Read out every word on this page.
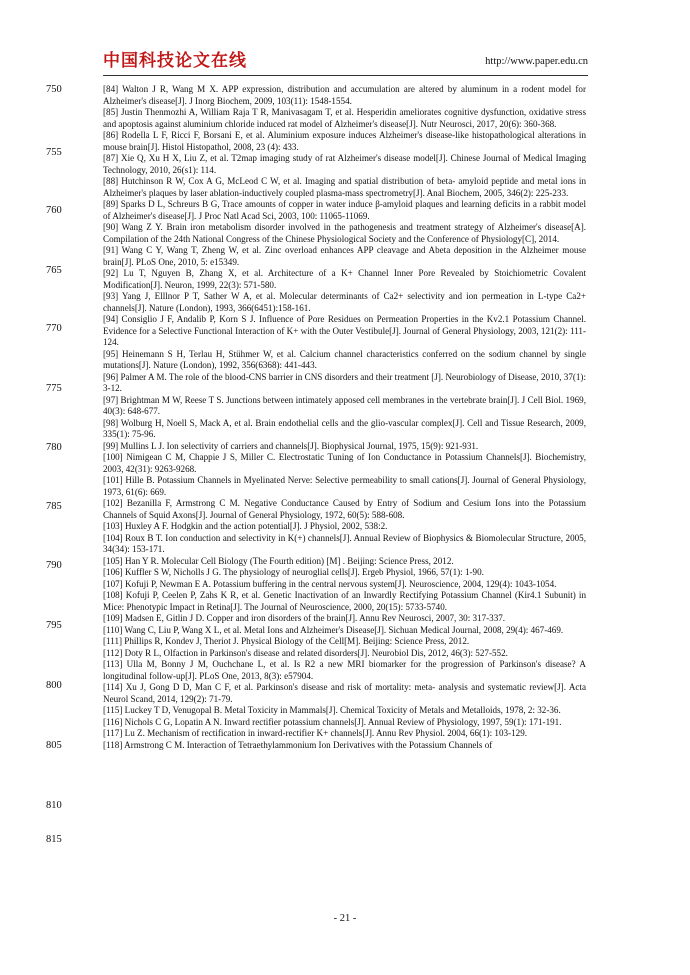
中国科技论文在线	http://www.paper.edu.cn
750
755
760
765
770
775
780
785
790
795
800
805
810
815

[84] Walton J R, Wang M X. APP expression, distribution and accumulation are altered by aluminum in a rodent model for Alzheimer's disease[J]. J Inorg Biochem, 2009, 103(11): 1548-1554.

[85] Justin Thenmozhi A, William Raja T R, Manivasagam T, et al. Hesperidin ameliorates cognitive dysfunction, oxidative stress and apoptosis against aluminium chloride induced rat model of Alzheimer's disease[J]. Nutr Neurosci, 2017, 20(6): 360-368.

[86] Rodella L F, Ricci F, Borsani E, et al. Aluminium exposure induces Alzheimer's disease-like histopathological alterations in mouse brain[J]. Histol Histopathol, 2008, 23 (4): 433.

[87] Xie Q, Xu H X, Liu Z, et al. T2map imaging study of rat Alzheimer's disease model[J]. Chinese Journal of Medical Imaging Technology, 2010, 26(s1): 114.

[88] Hutchinson R W, Cox A G, McLeod C W, et al. Imaging and spatial distribution of beta- amyloid peptide and metal ions in Alzheimer's plaques by laser ablation-inductively coupled plasma-mass spectrometry[J]. Anal Biochem, 2005, 346(2): 225-233.

[89] Sparks D L, Schreurs B G, Trace amounts of copper in water induce β-amyloid plaques and learning deficits in a rabbit model of Alzheimer's disease[J]. J Proc Natl Acad Sci, 2003, 100: 11065-11069.

[90] Wang Z Y. Brain iron metabolism disorder involved in the pathogenesis and treatment strategy of Alzheimer's disease[A]. Compilation of the 24th National Congress of the Chinese Physiological Society and the Conference of Physiology[C], 2014.

[91] Wang C Y, Wang T, Zheng W, et al. Zinc overload enhances APP cleavage and Abeta deposition in the Alzheimer mouse brain[J]. PLoS One, 2010, 5: e15349.

[92] Lu T, Nguyen B, Zhang X, et al. Architecture of a K+ Channel Inner Pore Revealed by Stoichiometric Covalent Modification[J]. Neuron, 1999, 22(3): 571-580.

[93] Yang J, Elllnor P T, Sather W A, et al. Molecular determinants of Ca2+ selectivity and ion permeation in L-type Ca2+ channels[J]. Nature (London), 1993, 366(6451):158-161.

[94] Consiglio J F, Andalib P, Korn S J. Influence of Pore Residues on Permeation Properties in the Kv2.1 Potassium Channel. Evidence for a Selective Functional Interaction of K+ with the Outer Vestibule[J]. Journal of General Physiology, 2003, 121(2): 111-124.

[95] Heinemann S H, Terlau H, Stühmer W, et al. Calcium channel characteristics conferred on the sodium channel by single mutations[J]. Nature (London), 1992, 356(6368): 441-443.

[96] Palmer A M. The role of the blood-CNS barrier in CNS disorders and their treatment [J]. Neurobiology of Disease, 2010, 37(1): 3-12.

[97] Brightman M W, Reese T S. Junctions between intimately apposed cell membranes in the vertebrate brain[J]. J Cell Biol. 1969, 40(3): 648-677.

[98] Wolburg H, Noell S, Mack A, et al. Brain endothelial cells and the glio-vascular complex[J]. Cell and Tissue Research, 2009, 335(1): 75-96.

[99] Mullins L J. Ion selectivity of carriers and channels[J]. Biophysical Journal, 1975, 15(9): 921-931.

[100] Nimigean C M, Chappie J S, Miller C. Electrostatic Tuning of Ion Conductance in Potassium Channels[J]. Biochemistry, 2003, 42(31): 9263-9268.

[101] Hille B. Potassium Channels in Myelinated Nerve: Selective permeability to small cations[J]. Journal of General Physiology, 1973, 61(6): 669.

[102] Bezanilla F, Armstrong C M. Negative Conductance Caused by Entry of Sodium and Cesium Ions into the Potassium Channels of Squid Axons[J]. Journal of General Physiology, 1972, 60(5): 588-608.

[103] Huxley A F. Hodgkin and the action potential[J]. J Physiol, 2002, 538:2.

[104] Roux B T. Ion conduction and selectivity in K(+) channels[J]. Annual Review of Biophysics & Biomolecular Structure, 2005, 34(34): 153-171.

[105] Han Y R. Molecular Cell Biology (The Fourth edition) [M] . Beijing: Science Press, 2012.

[106] Kuffler S W, Nicholls J G. The physiology of neuroglial cells[J]. Ergeb Physiol, 1966, 57(1): 1-90.

[107] Kofuji P, Newman E A. Potassium buffering in the central nervous system[J]. Neuroscience, 2004, 129(4): 1043-1054.

[108] Kofuji P, Ceelen P, Zahs K R, et al. Genetic Inactivation of an Inwardly Rectifying Potassium Channel (Kir4.1 Subunit) in Mice: Phenotypic Impact in Retina[J]. The Journal of Neuroscience, 2000, 20(15): 5733-5740.

[109] Madsen E, Gitlin J D. Copper and iron disorders of the brain[J]. Annu Rev Neurosci, 2007, 30: 317-337.

[110] Wang C, Liu P, Wang X L, et al. Metal Ions and Alzheimer's Disease[J]. Sichuan Medical Journal, 2008, 29(4): 467-469.

[111] Phillips R, Kondev J, Theriot J. Physical Biology of the Cell[M]. Beijing: Science Press, 2012.

[112] Doty R L, Olfaction in Parkinson's disease and related disorders[J]. Neurobiol Dis, 2012, 46(3): 527-552.

[113] Ulla M, Bonny J M, Ouchchane L, et al. Is R2 a new MRI biomarker for the progression of Parkinson's disease? A longitudinal follow-up[J]. PLoS One, 2013, 8(3): e57904.

[114] Xu J, Gong D D, Man C F, et al. Parkinson's disease and risk of mortality: meta- analysis and systematic review[J]. Acta Neurol Scand, 2014, 129(2): 71-79.

[115] Luckey T D, Venugopal B. Metal Toxicity in Mammals[J]. Chemical Toxicity of Metals and Metalloids, 1978, 2: 32-36.

[116] Nichols C G, Lopatin A N. Inward rectifier potassium channels[J]. Annual Review of Physiology, 1997, 59(1): 171-191.

[117] Lu Z. Mechanism of rectification in inward-rectifier K+ channels[J]. Annu Rev Physiol. 2004, 66(1): 103-129.

[118] Armstrong C M. Interaction of Tetraethylammonium Ion Derivatives with the Potassium Channels of

- 21 -
